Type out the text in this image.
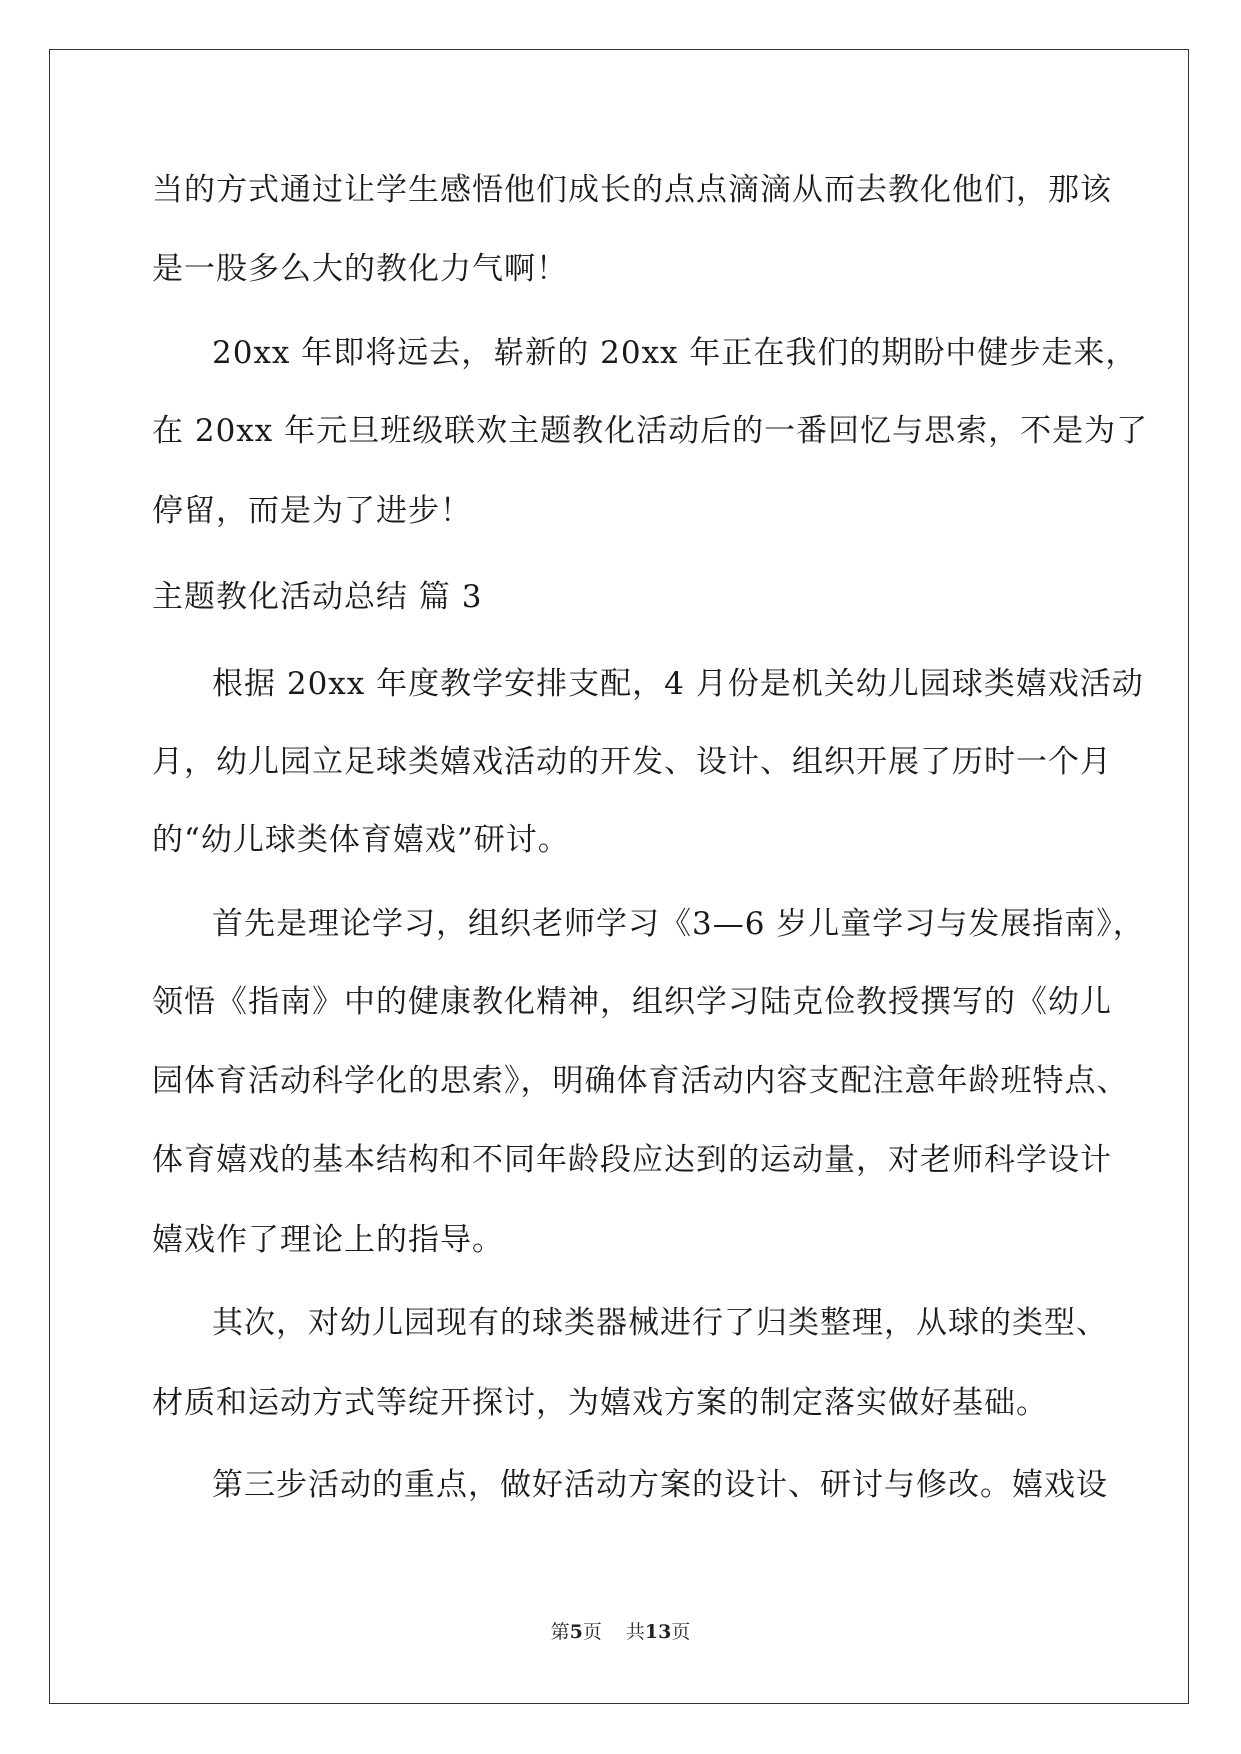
当的方式通过让学生感悟他们成长的点点滴滴从而去教化他们，那该
是一股多么大的教化力气啊！
20xx 年即将远去，崭新的 20xx 年正在我们的期盼中健步走来，
在 20xx 年元旦班级联欢主题教化活动后的一番回忆与思索，不是为了
停留，而是为了进步！
主题教化活动总结 篇 3
根据 20xx 年度教学安排支配，4 月份是机关幼儿园球类嬉戏活动
月，幼儿园立足球类嬉戏活动的开发、设计、组织开展了历时一个月
的“幼儿球类体育嬉戏”研讨。
首先是理论学习，组织老师学习《3—6 岁儿童学习与发展指南》，
领悟《指南》中的健康教化精神，组织学习陆克俭教授撰写的《幼儿
园体育活动科学化的思索》，明确体育活动内容支配注意年龄班特点、
体育嬉戏的基本结构和不同年龄段应达到的运动量，对老师科学设计
嬉戏作了理论上的指导。
其次，对幼儿园现有的球类器械进行了归类整理，从球的类型、
材质和运动方式等绽开探讨，为嬉戏方案的制定落实做好基础。
第三步活动的重点，做好活动方案的设计、研讨与修改。嬉戏设
第5页 共13页
